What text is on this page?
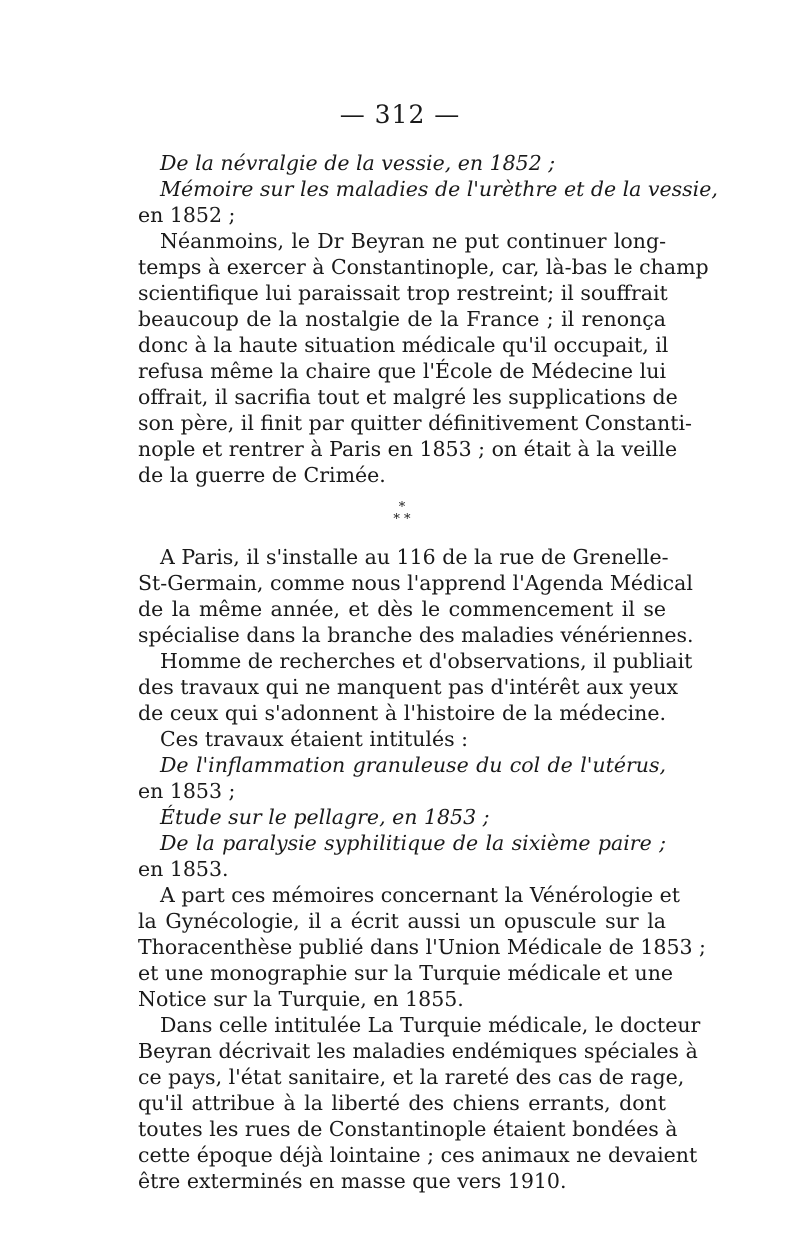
— 312 —
De la névralgie de la vessie, en 1852 ;
Mémoire sur les maladies de l'urèthre et de la vessie,
en 1852 ;
Néanmoins, le Dr Beyran ne put continuer long-
temps à exercer à Constantinople, car, là-bas le champ
scientifique lui paraissait trop restreint; il souffrait
beaucoup de la nostalgie de la France ; il renonça
donc à la haute situation médicale qu'il occupait, il
refusa même la chaire que l'École de Médecine lui
offrait, il sacrifia tout et malgré les supplications de
son père, il finit par quitter définitivement Constanti-
nople et rentrer à Paris en 1853 ; on était à la veille
de la guerre de Crimée.
*
* *
A Paris, il s'installe au 116 de la rue de Grenelle-
St-Germain, comme nous l'apprend l'Agenda Médical
de la même année, et dès le commencement il se
spécialise dans la branche des maladies vénériennes.
Homme de recherches et d'observations, il publiait
des travaux qui ne manquent pas d'intérêt aux yeux
de ceux qui s'adonnent à l'histoire de la médecine.
Ces travaux étaient intitulés :
De l'inflammation granuleuse du col de l'utérus,
en 1853 ;
Étude sur le pellagre, en 1853 ;
De la paralysie syphilitique de la sixième paire ;
en 1853.
A part ces mémoires concernant la Vénérologie et
la Gynécologie, il a écrit aussi un opuscule sur la
Thoracenthèse publié dans l'Union Médicale de 1853 ;
et une monographie sur la Turquie médicale et une
Notice sur la Turquie, en 1855.
Dans celle intitulée La Turquie médicale, le docteur
Beyran décrivait les maladies endémiques spéciales à
ce pays, l'état sanitaire, et la rareté des cas de rage,
qu'il attribue à la liberté des chiens errants, dont
toutes les rues de Constantinople étaient bondées à
cette époque déjà lointaine ; ces animaux ne devaient
être exterminés en masse que vers 1910.
